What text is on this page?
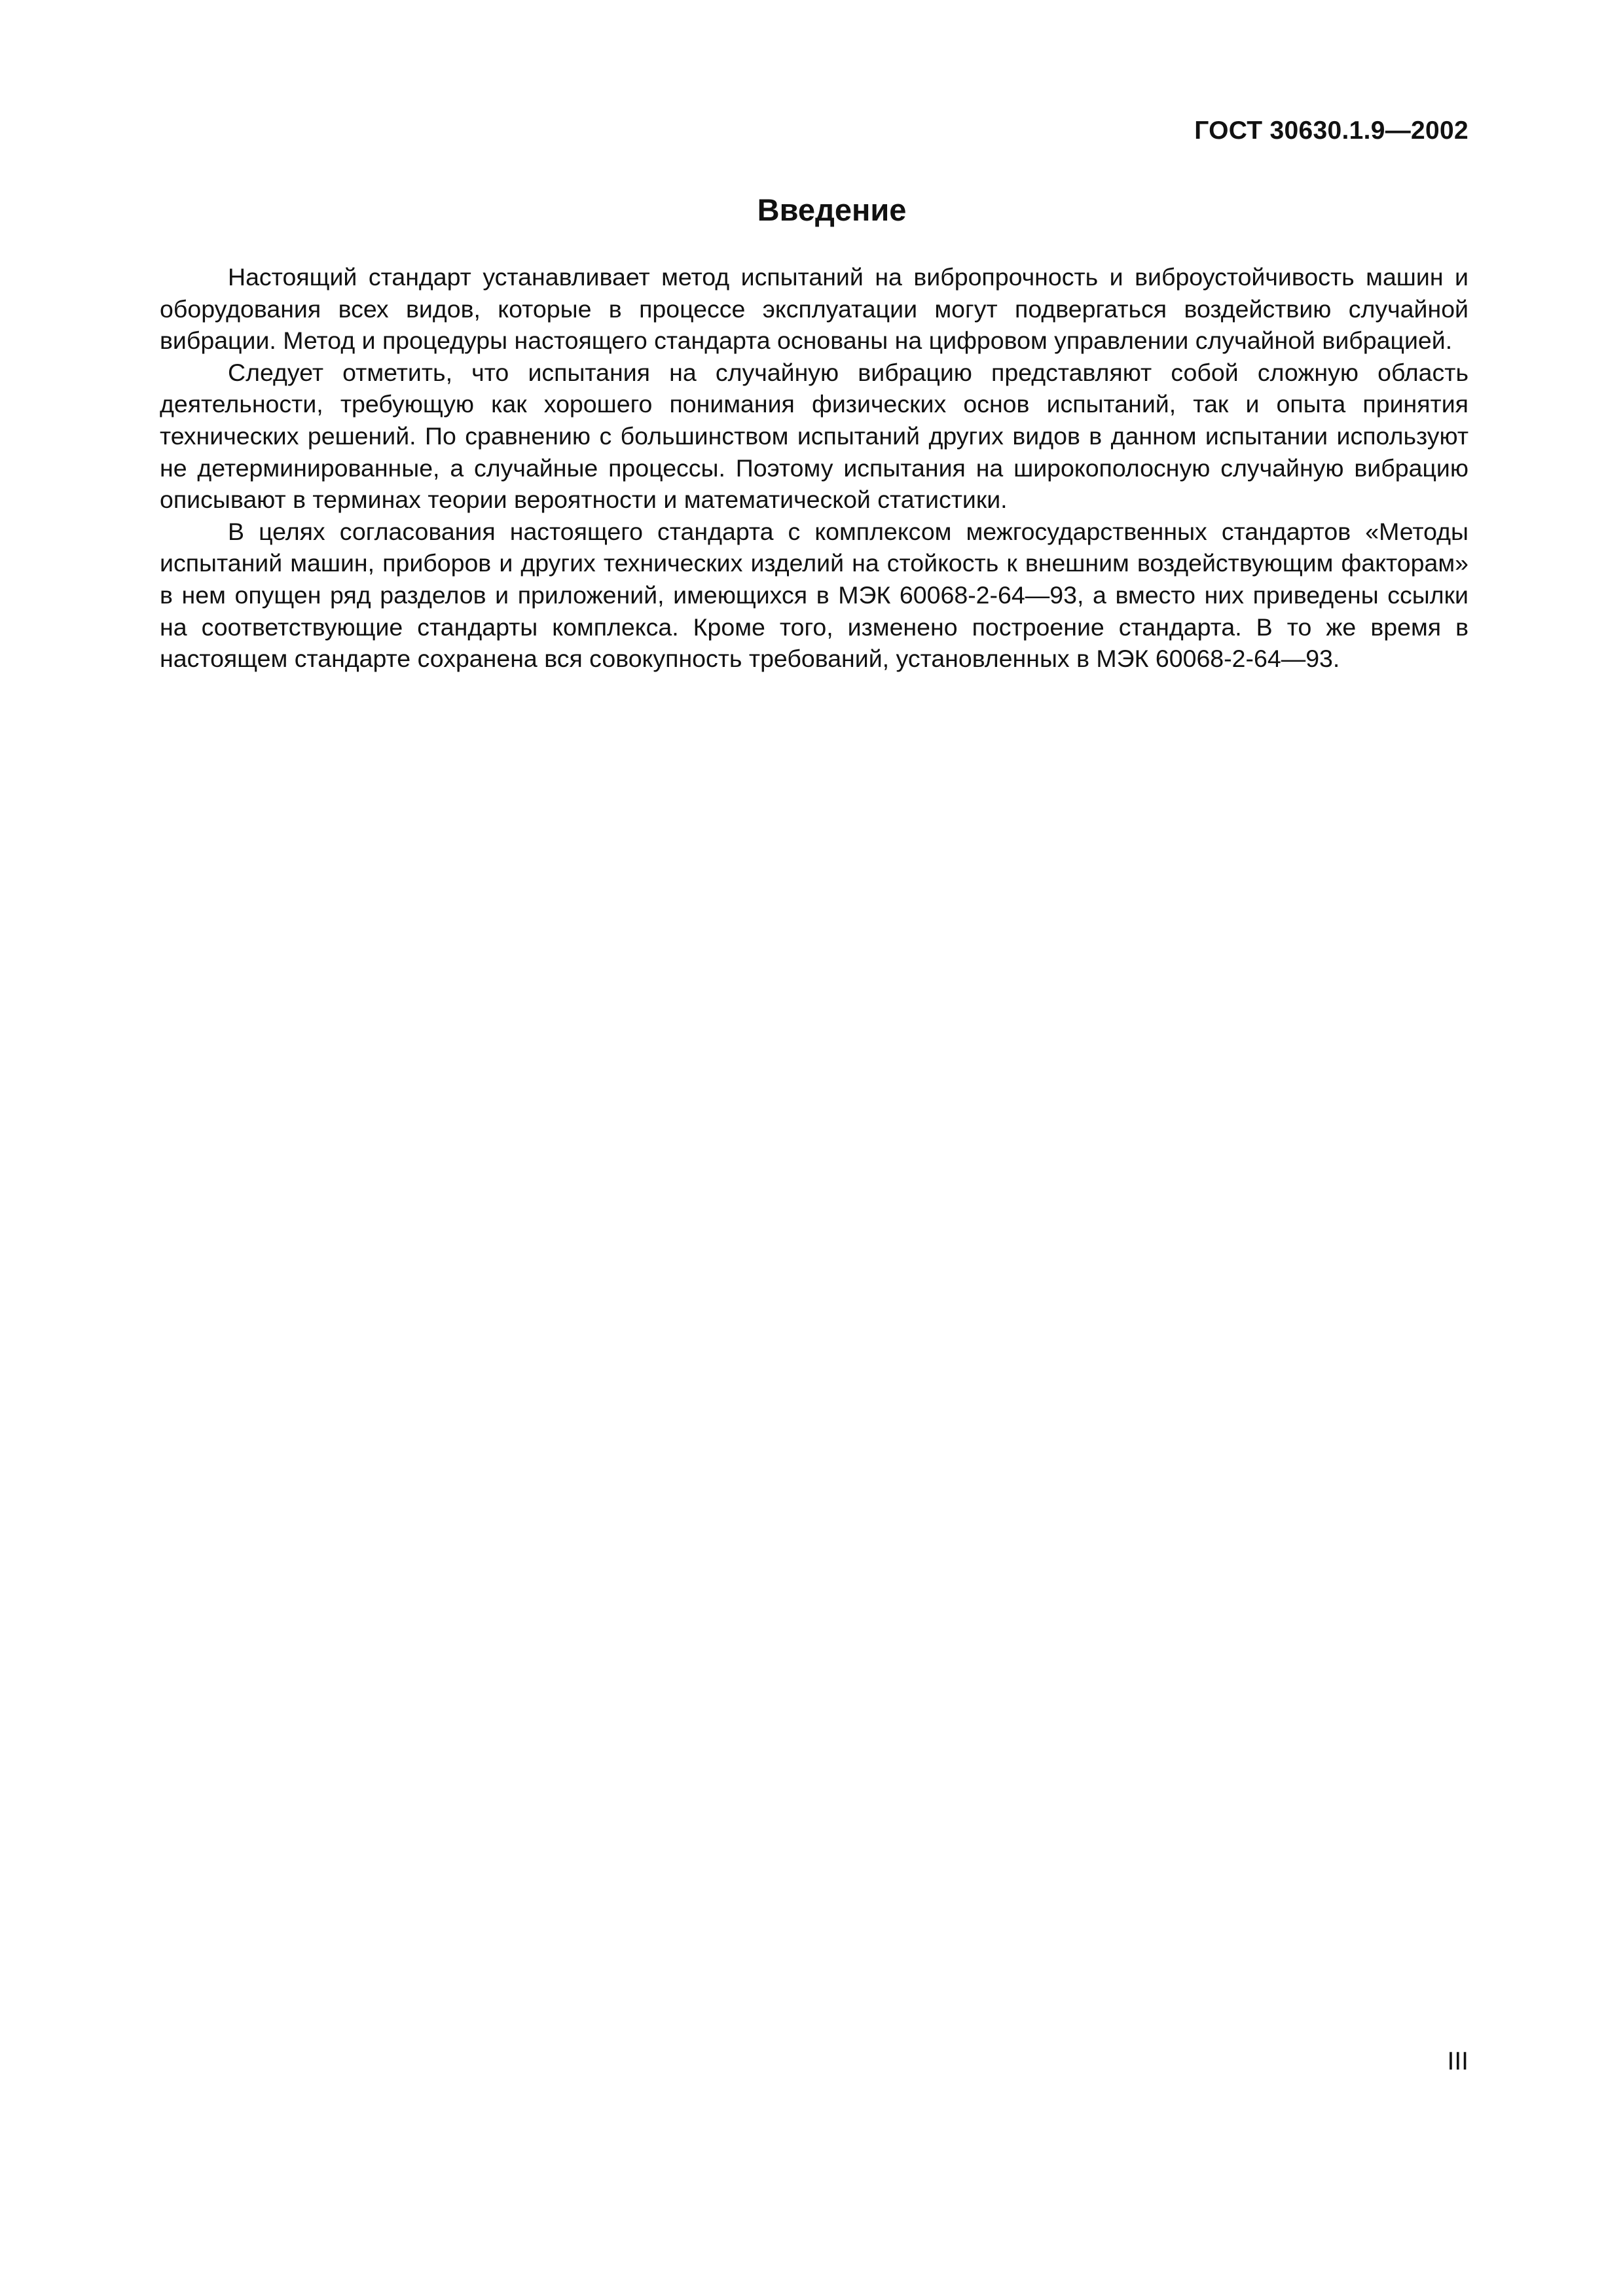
ГОСТ 30630.1.9—2002
Введение

Настоящий стандарт устанавливает метод испытаний на вибропрочность и виброустойчивость машин и оборудования всех видов, которые в процессе эксплуатации могут подвергаться воздействию случайной вибрации. Метод и процедуры настоящего стандарта основаны на цифровом управлении случайной вибрацией.

Следует отметить, что испытания на случайную вибрацию представляют собой сложную область деятельности, требующую как хорошего понимания физических основ испытаний, так и опыта принятия технических решений. По сравнению с большинством испытаний других видов в данном испытании используют не детерминированные, а случайные процессы. Поэтому испытания на широкополосную случайную вибрацию описывают в терминах теории вероятности и математической статистики.

В целях согласования настоящего стандарта с комплексом межгосударственных стандартов «Методы испытаний машин, приборов и других технических изделий на стойкость к внешним воздействующим факторам» в нем опущен ряд разделов и приложений, имеющихся в МЭК 60068-2-64—93, а вместо них приведены ссылки на соответствующие стандарты комплекса. Кроме того, изменено построение стандарта. В то же время в настоящем стандарте сохранена вся совокупность требований, установленных в МЭК 60068-2-64—93.

III
